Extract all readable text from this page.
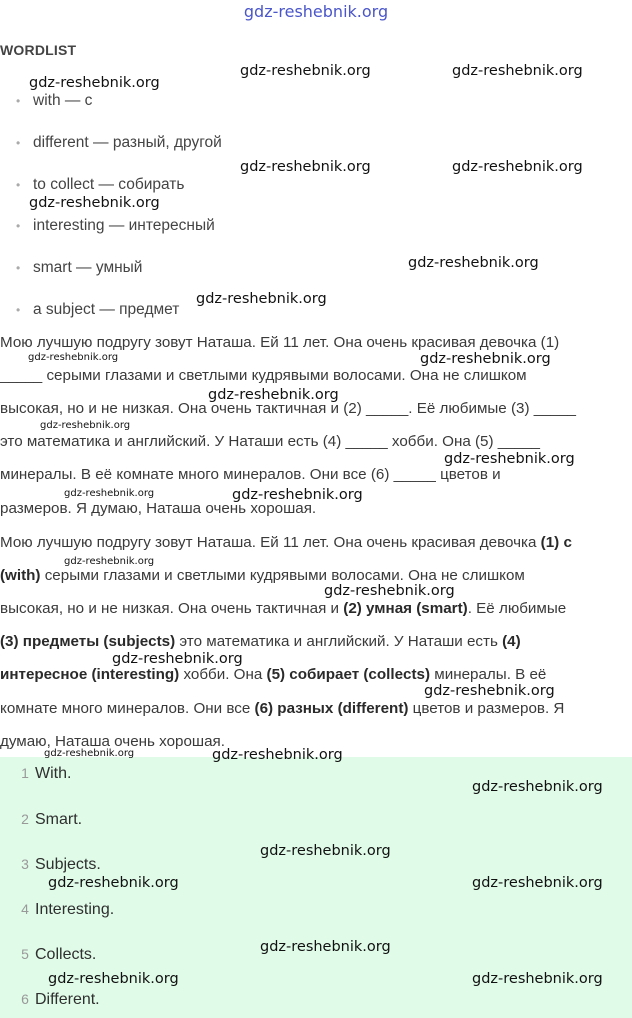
gdz-reshebnik.org
WORDLIST
• with — с
• different — разный, другой
• to collect — собирать
• interesting — интересный
• smart — умный
• a subject — предмет
Мою лучшую подругу зовут Наташа. Ей 11 лет. Она очень красивая девочка (1)
_____ серыми глазами и светлыми кудрявыми волосами. Она не слишком
высокая, но и не низкая. Она очень тактичная и (2) _____. Её любимые (3) _____
это математика и английский. У Наташи есть (4) _____ хобби. Она (5) _____
минералы. В её комнате много минералов. Они все (6) _____ цветов и
размеров. Я думаю, Наташа очень хорошая.
Мою лучшую подругу зовут Наташа. Ей 11 лет. Она очень красивая девочка (1) с
(with) серыми глазами и светлыми кудрявыми волосами. Она не слишком
высокая, но и не низкая. Она очень тактичная и (2) умная (smart). Её любимые
(3) предметы (subjects) это математика и английский. У Наташи есть (4)
интересное (interesting) хобби. Она (5) собирает (collects) минералы. В её
комнате много минералов. Они все (6) разных (different) цветов и размеров. Я
думаю, Наташа очень хорошая.
1 With.
2 Smart.
3 Subjects.
4 Interesting.
5 Collects.
6 Different.
gdz-reshebnik.org
gdz-reshebnik.org	gdz-reshebnik.org
gdz-reshebnik.org	gdz-reshebnik.org
gdz-reshebnik.org
gdz-reshebnik.org
gdz-reshebnik.org
gdz-reshebnik.org	gdz-reshebnik.org
gdz-reshebnik.org
gdz-reshebnik.org
gdz-reshebnik.org
gdz-reshebnik.org	gdz-reshebnik.org
gdz-reshebnik.org
gdz-reshebnik.org
gdz-reshebnik.org
gdz-reshebnik.org
gdz-reshebnik.org	gdz-reshebnik.org
gdz-reshebnik.org
gdz-reshebnik.org
gdz-reshebnik.org	gdz-reshebnik.org
gdz-reshebnik.org
gdz-reshebnik.org	gdz-reshebnik.org
